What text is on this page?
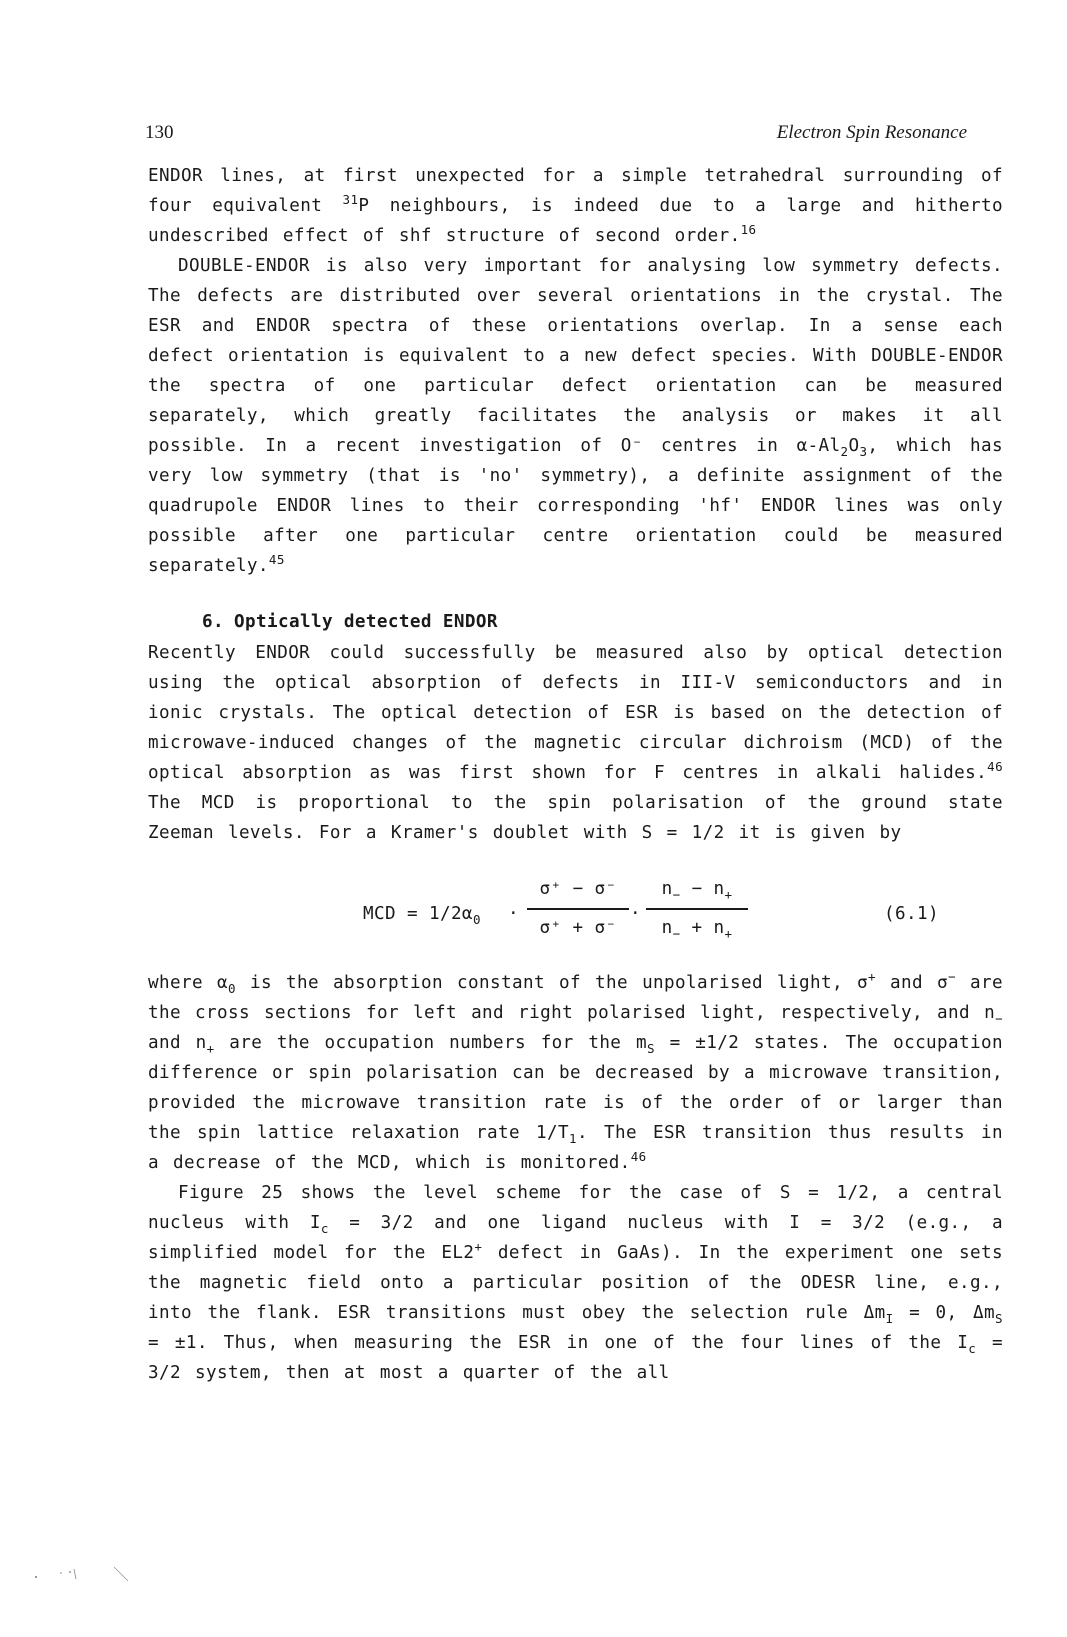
130	Electron Spin Resonance

ENDOR lines, at first unexpected for a simple tetrahedral surrounding of four equivalent $^{31}$P neighbours, is indeed due to a large and hitherto undescribed effect of shf structure of second order.$^{16}$

DOUBLE-ENDOR is also very important for analysing low symmetry defects. The defects are distributed over several orientations in the crystal. The ESR and ENDOR spectra of these orientations overlap. In a sense each defect orientation is equivalent to a new defect species. With DOUBLE-ENDOR the spectra of one particular defect orientation can be measured separately, which greatly facilitates the analysis or makes it all possible. In a recent investigation of O⁻ centres in $\alpha-Al_2O_3$, which has very low symmetry (that is 'no' symmetry), a definite assignment of the quadrupole ENDOR lines to their corresponding 'hf' ENDOR lines was only possible after one particular centre orientation could be measured separately.$^{45}$

6. Optically detected ENDOR

Recently ENDOR could successfully be measured also by optical detection using the optical absorption of defects in III-V semiconductors and in ionic crystals. The optical detection of ESR is based on the detection of microwave-induced changes of the magnetic circular dichroism (MCD) of the optical absorption as was first shown for F centres in alkali halides.$^{46}$ The MCD is proportional to the spin polarisation of the ground state Zeeman levels. For a Kramer's doublet with S = 1/2 it is given by

MCD = $1/2\alpha_0$ ·
σ⁺ − σ⁻
σ⁺ + σ⁻
·
$n_- - n_+$
$n_- + n_+$
(6.1)

where $\alpha_0$ is the absorption constant of the unpolarised light, σ+ and σ− are the cross sections for left and right polarised light, respectively, and $n_-$ and $n_+$ are the occupation numbers for the $m_S = \pm 1/2$ states. The occupation difference or spin polarisation can be decreased by a microwave transition, provided the microwave transition rate is of the order of or larger than the spin lattice relaxation rate $1/T_1$. The ESR transition thus results in a decrease of the MCD, which is monitored.$^{46}$

Figure 25 shows the level scheme for the case of S = 1/2, a central nucleus with $I_c = 3/2$ and one ligand nucleus with I = 3/2 (e.g., a simplified model for the EL2+ defect in GaAs). In the experiment one sets the magnetic field onto a particular position of the ODESR line, e.g., into the flank. ESR transitions must obey the selection rule $\Delta m_I = 0$, $\Delta m_S = \pm 1$. Thus, when measuring the ESR in one of the four lines of the $I_c = 3/2$ system, then at most a quarter of the all
